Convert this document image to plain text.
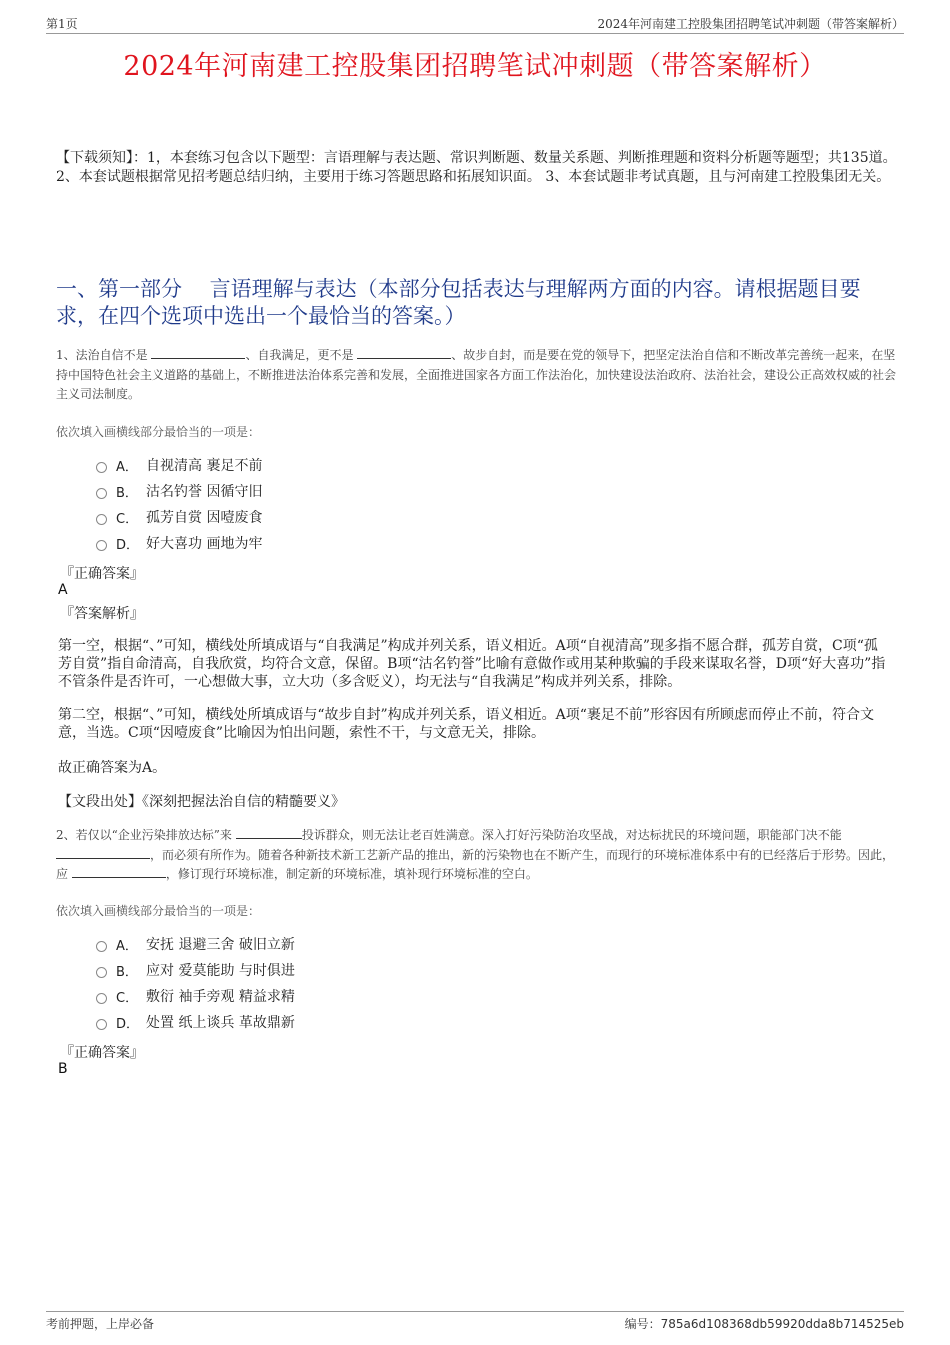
第1页	2024年河南建工控股集团招聘笔试冲刺题（带答案解析）
2024年河南建工控股集团招聘笔试冲刺题（带答案解析）
【下载须知】：1，本套练习包含以下题型：言语理解与表达题、常识判断题、数量关系题、判断推理题和资料分析题等题型；共135道。 2、本套试题根据常见招考题总结归纳，主要用于练习答题思路和拓展知识面。 3、本套试题非考试真题，且与河南建工控股集团无关。
一、第一部分　 言语理解与表达（本部分包括表达与理解两方面的内容。请根据题目要求，在四个选项中选出一个最恰当的答案。）
1、法治自信不是	、自我满足，更不是	、故步自封，而是要在党的领导下，把坚定法治自信和不断改革完善统一起来，在坚持中国特色社会主义道路的基础上，不断推进法治体系完善和发展，全面推进国家各方面工作法治化，加快建设法治政府、法治社会，建设公正高效权威的社会主义司法制度。
依次填入画横线部分最恰当的一项是：
A． 自视清高 裹足不前
B． 沽名钓誉 因循守旧
C． 孤芳自赏 因噎废食
D． 好大喜功 画地为牢
『正确答案』
A
『答案解析』
第一空，根据“、”可知，横线处所填成语与“自我满足”构成并列关系，语义相近。A项“自视清高”现多指不愿合群，孤芳自赏，C项“孤芳自赏”指自命清高，自我欣赏，均符合文意，保留。B项“沽名钓誉”比喻有意做作或用某种欺骗的手段来谋取名誉，D项“好大喜功”指不管条件是否许可，一心想做大事，立大功（多含贬义），均无法与“自我满足”构成并列关系，排除。
第二空，根据“、”可知，横线处所填成语与“故步自封”构成并列关系，语义相近。A项“裹足不前”形容因有所顾虑而停止不前，符合文意，当选。C项“因噎废食”比喻因为怕出问题，索性不干，与文意无关，排除。
故正确答案为A。
【文段出处】《深刻把握法治自信的精髓要义》
2、若仅以“企业污染排放达标”来	投诉群众，则无法让老百姓满意。深入打好污染防治攻坚战，对达标扰民的环境问题，职能部门决不能 ，而必须有所作为。随着各种新技术新工艺新产品的推出，新的污染物也在不断产生，而现行的环境标准体系中有的已经落后于形势。因此，应	，修订现行环境标准，制定新的环境标准，填补现行环境标准的空白。
依次填入画横线部分最恰当的一项是：
A． 安抚 退避三舍 破旧立新
B． 应对 爱莫能助 与时俱进
C． 敷衍 袖手旁观 精益求精
D． 处置 纸上谈兵 革故鼎新
『正确答案』
B
考前押题，上岸必备	编号：785a6d108368db59920dda8b714525eb
